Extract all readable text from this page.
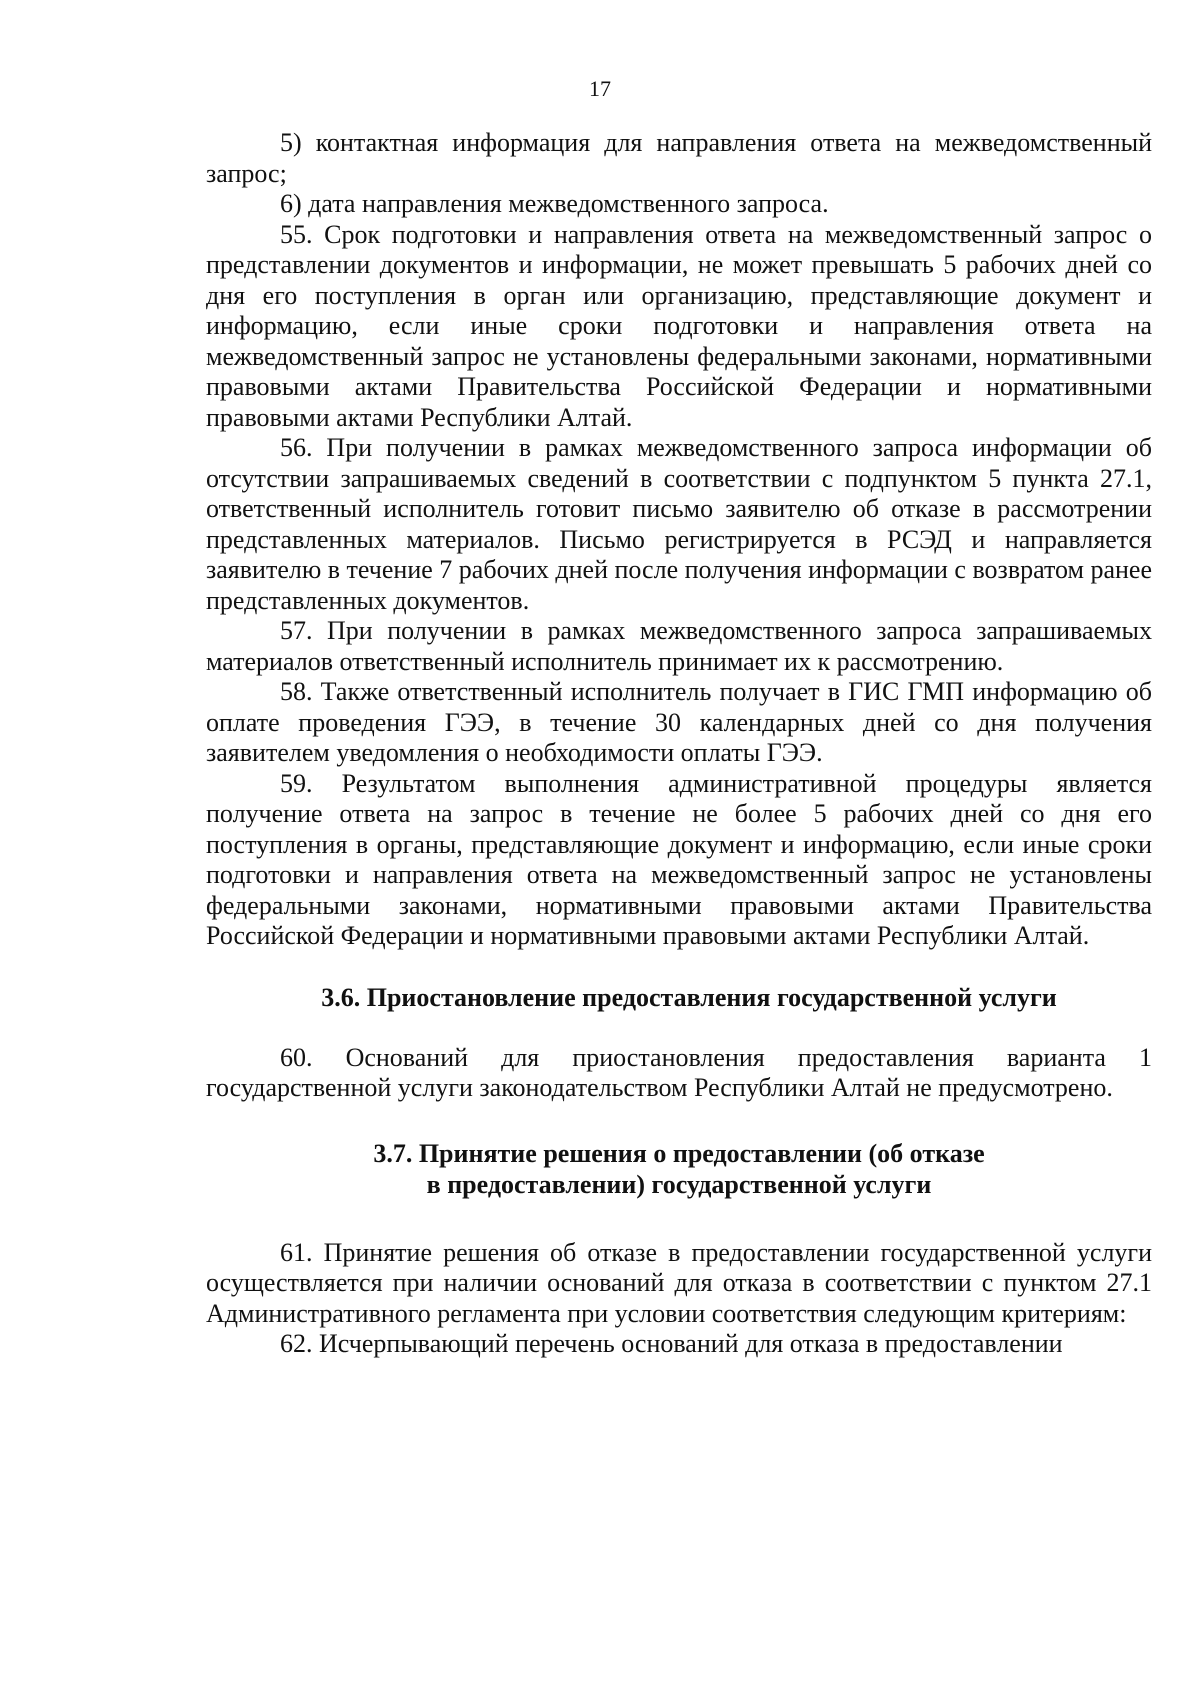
17

5) контактная информация для направления ответа на межведомственный запрос;

6) дата направления межведомственного запроса.

55. Срок подготовки и направления ответа на межведомственный запрос о представлении документов и информации, не может превышать 5 рабочих дней со дня его поступления в орган или организацию, представляющие документ и информацию, если иные сроки подготовки и направления ответа на межведомственный запрос не установлены федеральными законами, нормативными правовыми актами Правительства Российской Федерации и нормативными правовыми актами Республики Алтай.

56. При получении в рамках межведомственного запроса информации об отсутствии запрашиваемых сведений в соответствии с подпунктом 5 пункта 27.1, ответственный исполнитель готовит письмо заявителю об отказе в рассмотрении представленных материалов. Письмо регистрируется в РСЭД и направляется заявителю в течение 7 рабочих дней после получения информации с возвратом ранее представленных документов.

57. При получении в рамках межведомственного запроса запрашиваемых материалов ответственный исполнитель принимает их к рассмотрению.

58. Также ответственный исполнитель получает в ГИС ГМП информацию об оплате проведения ГЭЭ, в течение 30 календарных дней со дня получения заявителем уведомления о необходимости оплаты ГЭЭ.

59. Результатом выполнения административной процедуры является получение ответа на запрос в течение не более 5 рабочих дней со дня его поступления в органы, представляющие документ и информацию, если иные сроки подготовки и направления ответа на межведомственный запрос не установлены федеральными законами, нормативными правовыми актами Правительства Российской Федерации и нормативными правовыми актами Республики Алтай.

3.6. Приостановление предоставления государственной услуги

60. Оснований для приостановления предоставления варианта 1 государственной услуги законодательством Республики Алтай не предусмотрено.

3.7. Принятие решения о предоставлении (об отказе
в предоставлении) государственной услуги

61. Принятие решения об отказе в предоставлении государственной услуги осуществляется при наличии оснований для отказа в соответствии с пунктом 27.1 Административного регламента при условии соответствия следующим критериям:

62. Исчерпывающий перечень оснований для отказа в предоставлении
